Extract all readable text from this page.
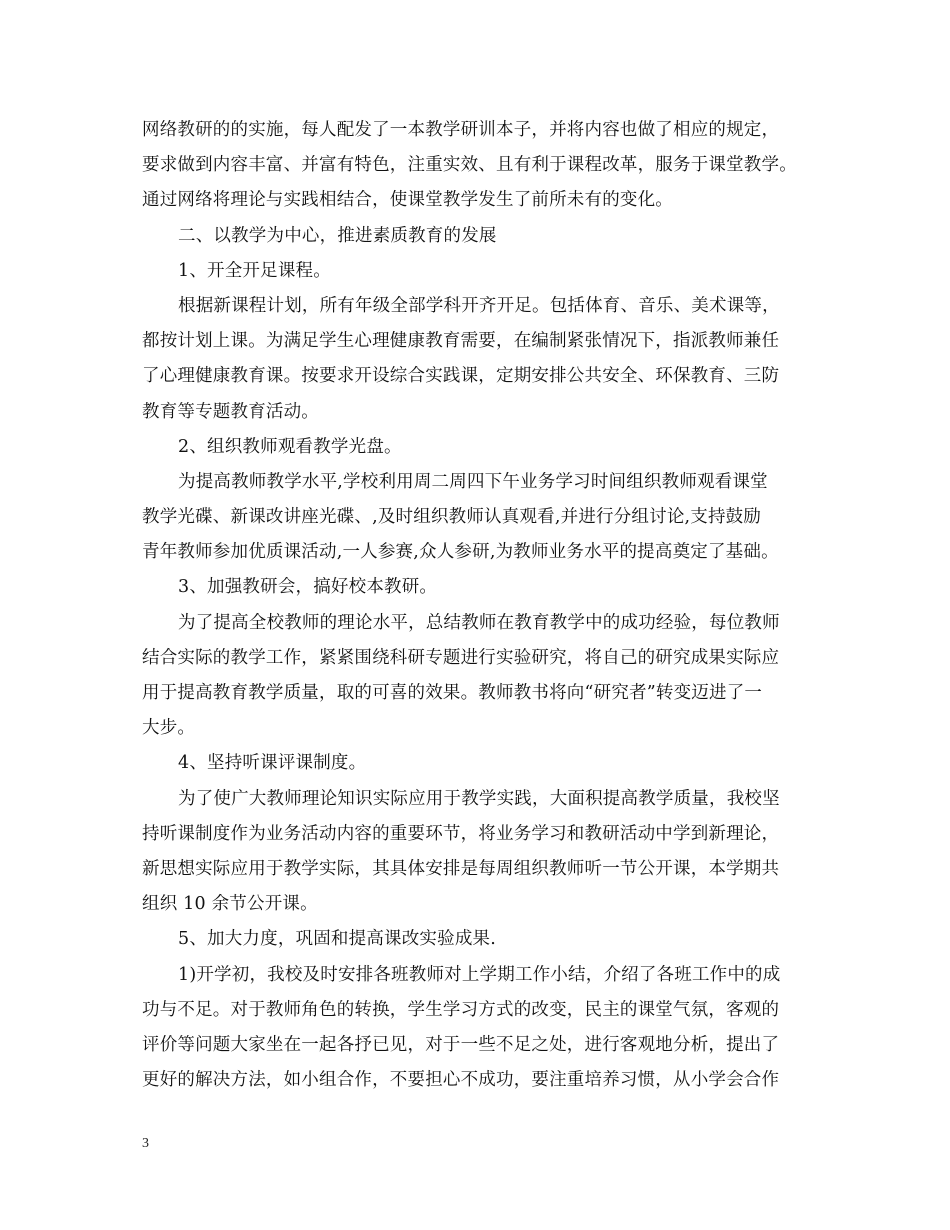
网络教研的的实施，每人配发了一本教学研训本子，并将内容也做了相应的规定，
要求做到内容丰富、并富有特色，注重实效、且有利于课程改革，服务于课堂教学。
通过网络将理论与实践相结合，使课堂教学发生了前所未有的变化。
二、以教学为中心，推进素质教育的发展
1、开全开足课程。
根据新课程计划，所有年级全部学科开齐开足。包括体育、音乐、美术课等，
都按计划上课。为满足学生心理健康教育需要，在编制紧张情况下，指派教师兼任
了心理健康教育课。按要求开设综合实践课，定期安排公共安全、环保教育、三防
教育等专题教育活动。
2、组织教师观看教学光盘。
为提高教师教学水平,学校利用周二周四下午业务学习时间组织教师观看课堂
教学光碟、新课改讲座光碟、,及时组织教师认真观看,并进行分组讨论,支持鼓励
青年教师参加优质课活动,一人参赛,众人参研,为教师业务水平的提高奠定了基础。
3、加强教研会，搞好校本教研。
为了提高全校教师的理论水平，总结教师在教育教学中的成功经验，每位教师
结合实际的教学工作，紧紧围绕科研专题进行实验研究，将自己的研究成果实际应
用于提高教育教学质量，取的可喜的效果。教师教书将向“研究者”转变迈进了一
大步。
4、坚持听课评课制度。
为了使广大教师理论知识实际应用于教学实践，大面积提高教学质量，我校坚
持听课制度作为业务活动内容的重要环节，将业务学习和教研活动中学到新理论，
新思想实际应用于教学实际，其具体安排是每周组织教师听一节公开课，本学期共
组织 10 余节公开课。
5、加大力度，巩固和提高课改实验成果.
1)开学初，我校及时安排各班教师对上学期工作小结，介绍了各班工作中的成
功与不足。对于教师角色的转换，学生学习方式的改变，民主的课堂气氛，客观的
评价等问题大家坐在一起各抒已见，对于一些不足之处，进行客观地分析，提出了
更好的解决方法，如小组合作，不要担心不成功，要注重培养习惯，从小学会合作
3
